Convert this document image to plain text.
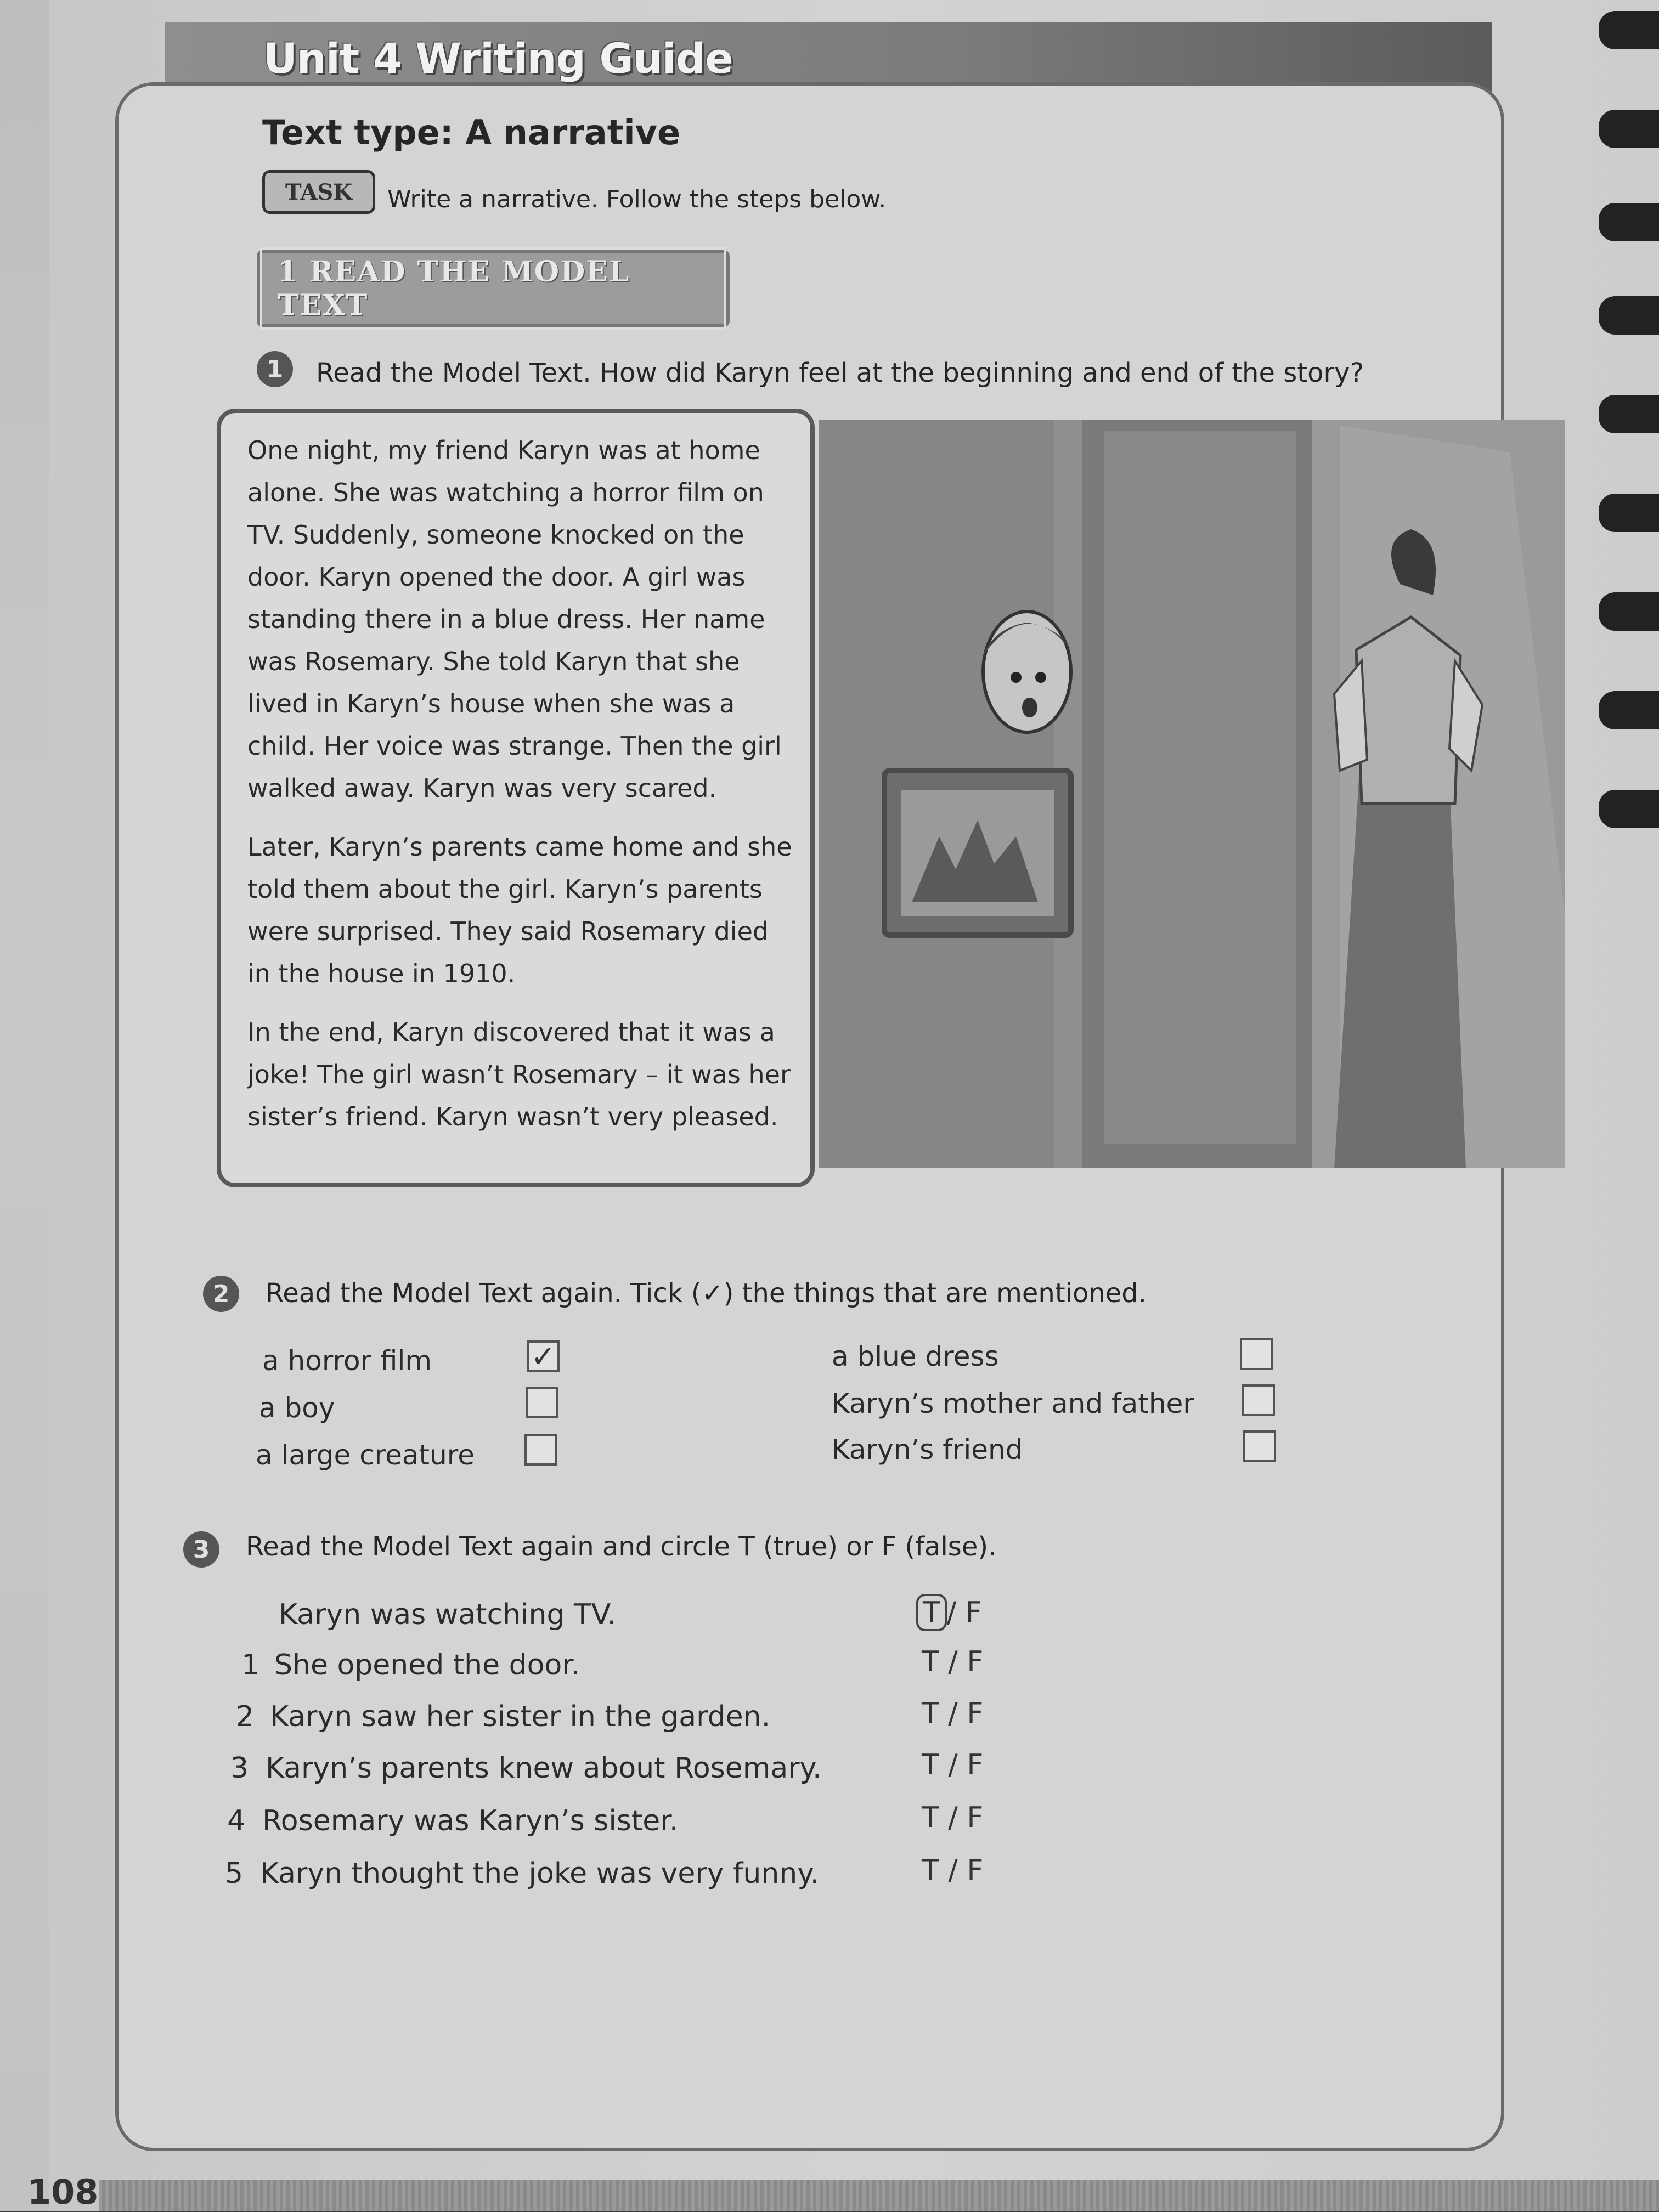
Unit 4 Writing Guide
Text type: A narrative
TASK	Write a narrative. Follow the steps below.
1 READ THE MODEL TEXT
1	Read the Model Text. How did Karyn feel at the beginning and end of the story?

One night, my friend Karyn was at home alone. She was watching a horror film on TV. Suddenly, someone knocked on the door. Karyn opened the door. A girl was standing there in a blue dress. Her name was Rosemary. She told Karyn that she lived in Karyn’s house when she was a child. Her voice was strange. Then the girl walked away. Karyn was very scared.

Later, Karyn’s parents came home and she told them about the girl. Karyn’s parents were surprised. They said Rosemary died in the house in 1910.

In the end, Karyn discovered that it was a joke! The girl wasn’t Rosemary – it was her sister’s friend. Karyn wasn’t very pleased.

2	Read the Model Text again. Tick (✓) the things that are mentioned.
a horror film	✓
a boy
a large creature
a blue dress
Karyn’s mother and father
Karyn’s friend
3	Read the Model Text again and circle T (true) or F (false).
Karyn was watching TV.	T / F
1 She opened the door.	T / F
2 Karyn saw her sister in the garden.	T / F
3 Karyn’s parents knew about Rosemary.	T / F
4 Rosemary was Karyn’s sister.	T / F
5 Karyn thought the joke was very funny.	T / F
108
